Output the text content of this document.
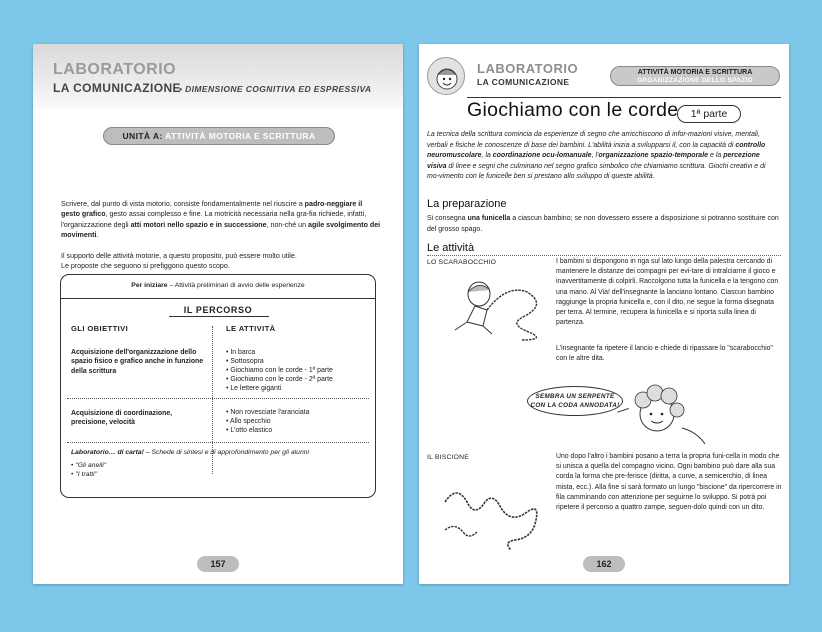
LABORATORIO
LA COMUNICAZIONE
• DIMENSIONE COGNITIVA ED ESPRESSIVA
UNITÀ A: ATTIVITÀ MOTORIA E SCRITTURA
Scrivere, dal punto di vista motorio, consiste fondamentalmente nel riuscire a padro-neggiare il gesto grafico, gesto assai complesso e fine. La motricità necessaria nella gra-fia richiede, infatti, l'organizzazione degli atti motori nello spazio e in successione, non-ché un agile svolgimento dei movimenti.
Il supporto delle attività motorie, a questo proposito, può essere molto utile.
Le proposte che seguono si prefiggono questo scopo.
Per iniziare – Attività preliminari di avvio delle esperienze
IL PERCORSO
GLI OBIETTIVI	LE ATTIVITÀ
Acquisizione dell'organizzazione dello spazio fisico e grafico anche in funzione della scrittura
• In barca
• Sottosopra
• Giochiamo con le corde - 1ª parte
• Giochiamo con le corde - 2ª parte
• Le lettere giganti
Acquisizione di coordinazione, precisione, velocità
• Non rovesciate l'aranciata
• Allo specchio
• L'otto elastico
Laboratorio… di carta! – Schede di sintesi e di approfondimento per gli alunni
• "Gli anelli"
• "I tratti"
157
LABORATORIO
LA COMUNICAZIONE
ATTIVITÀ MOTORIA E SCRITTURA
ORGANIZZAZIONE DELLO SPAZIO
Giochiamo con le corde	1ª parte
La tecnica della scrittura comincia da esperienze di segno che arricchiscono di infor-mazioni visive, mentali, verbali e fisiche le conoscenze di base dei bambini. L'abilità inizia a svilupparsi il, con la capacità di controllo neuromuscolare, la coordinazione ocu-lomanuale, l'organizzazione spazio-temporale e la percezione visiva di linee e segni che culminano nel segno grafico simbolico che chiamiamo scrittura. Giochi creativi e di mo-vimento con le funicelle ben si prestano allo sviluppo di queste abilità.
La preparazione
Si consegna una funicella a ciascun bambino; se non dovessero essere a disposizione si potranno sostituire con del grosso spago.
Le attività
LO SCARABOCCHIO	I bambini si dispongono in riga sul lato lungo della palestra cercando di mantenere le distanze dei compagni per evi-tare di intralciarne il gioco e inavvertitamente di colpirli. Raccolgono tutta la funicella e la tengono con una mano. Al Via! dell'insegnante la lanciano lontano. Ciascun bambino raggiunge la propria funicella e, con il dito, ne segue la forma disegnata per terra. Al termine, recupera la funicella e si riporta sulla linea di partenza.
L'insegnante fa ripetere il lancio e chiede di ripassare lo "scarabocchio" con le altre dita.
SEMBRA UN SERPENTE CON LA CODA ANNODATA!
IL BISCIONE	Uno dopo l'altro i bambini posano a terra la propria funi-cella in modo che si unisca a quella del compagno vicino. Ogni bambino può dare alla sua corda la forma che pre-ferisce (diritta, a curve, a semicerchio, di linea mista, ecc.). Alla fine si sarà formato un lungo "biscione" da ripercorrere in fila camminando con attenzione per seguirne lo sviluppo. Si potrà poi ripetere il percorso a quattro zampe, seguen-dolo quindi con un dito.
162
